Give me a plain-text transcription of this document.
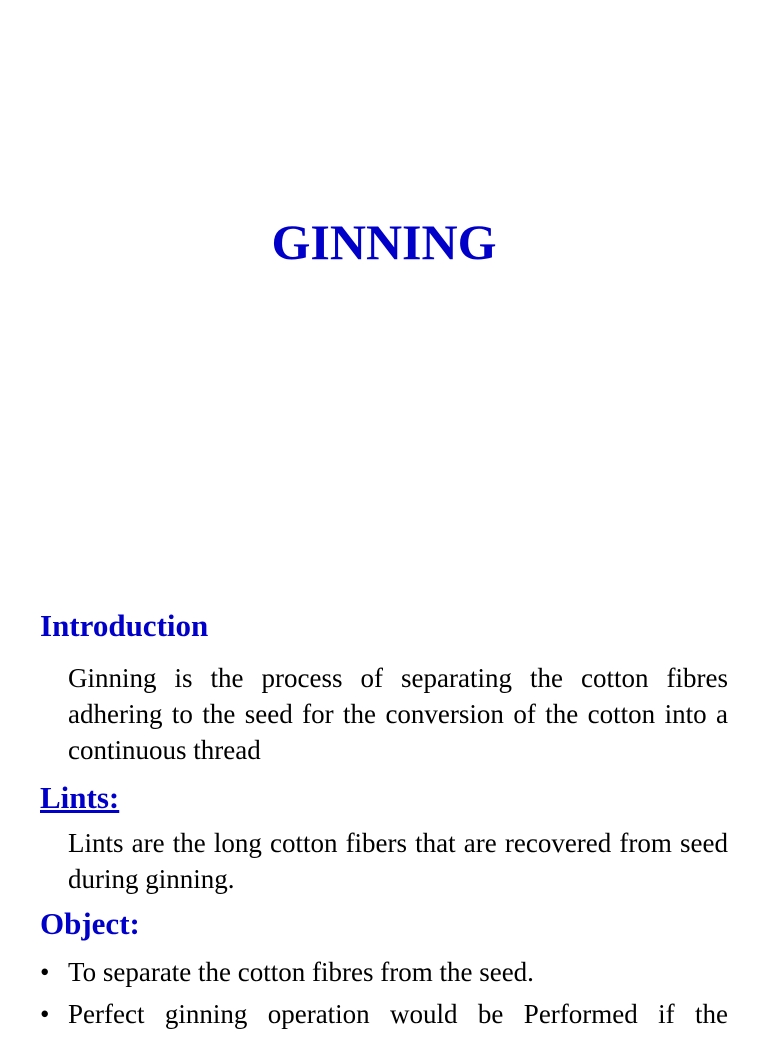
GINNING
Introduction

Ginning is the process of separating the cotton fibres adhering to the seed for the conversion of the cotton into a continuous thread

Lints:

Lints are the long cotton fibers that are recovered from seed during ginning.

Object:
• To separate the cotton fibres from the seed.
• Perfect ginning operation would be Performed if the
